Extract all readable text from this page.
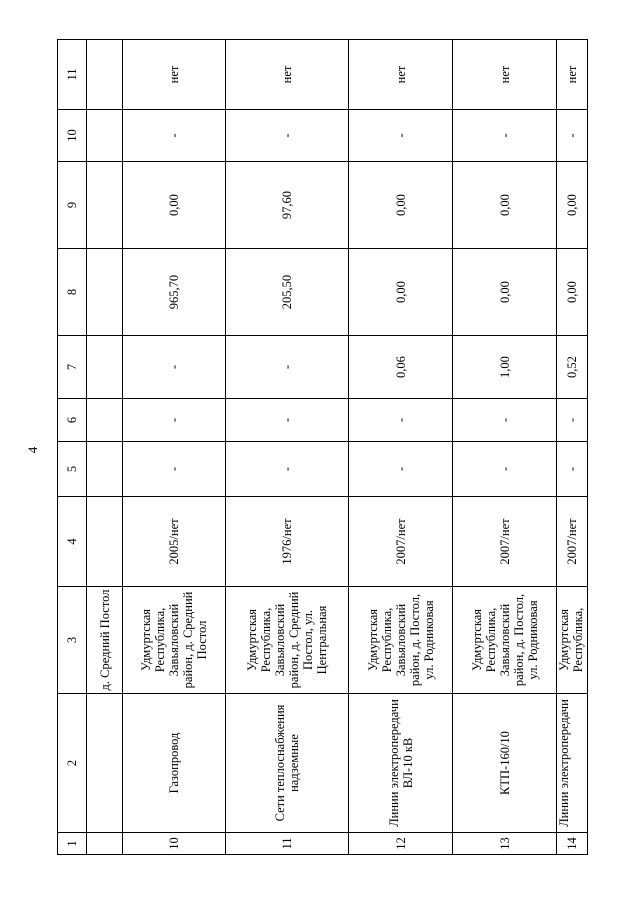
4
1	2	3	4	5	6	7	8	9	10	11
		д. Средний Постол								
10	Газопровод	Удмуртская Республика, Завьяловский район, д. Средний Постол	2005/нет	-	-	-	965,70	0,00	-	нет
11	Сети теплоснабжения надземные	Удмуртская Республика, Завьяловский район, д. Средний Постол, ул. Центральная	1976/нет	-	-	-	205,50	97,60	-	нет
12	Линии электропередачи ВЛ-10 кВ	Удмуртская Республика, Завьяловский район, д. Постол, ул. Родниковая	2007/нет	-	-	0,06	0,00	0,00	-	нет
13	КТП-160/10	Удмуртская Республика, Завьяловский район, д. Постол, ул. Родниковая	2007/нет	-	-	1,00	0,00	0,00	-	нет
14	Линии электропередачи	Удмуртская Республика,	2007/нет	-	-	0,52	0,00	0,00	-	нет
